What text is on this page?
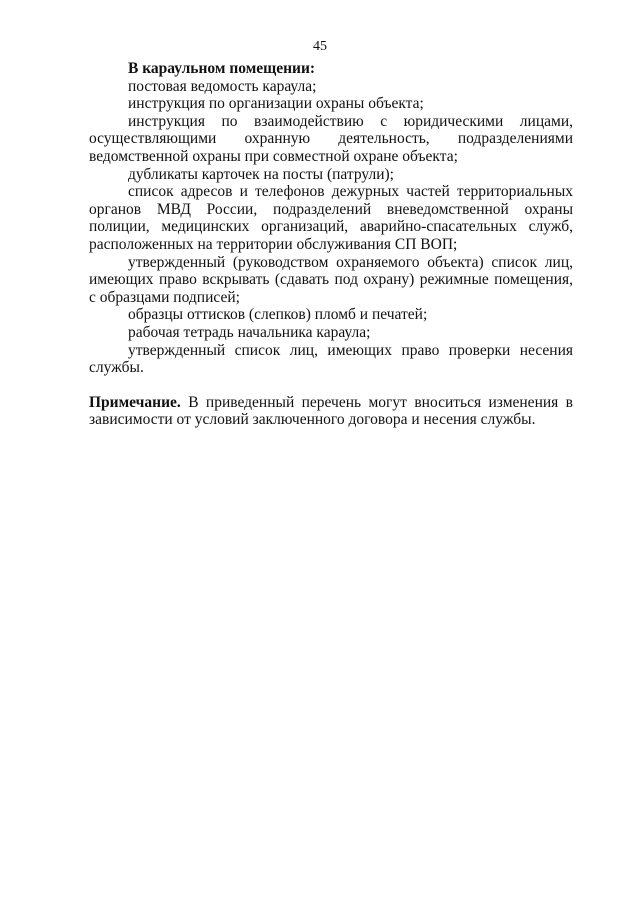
45
В караульном помещении:

постовая ведомость караула;

инструкция по организации охраны объекта;

инструкция по взаимодействию с юридическими лицами, осуществляющими охранную деятельность, подразделениями ведомственной охраны при совместной охране объекта;

дубликаты карточек на посты (патрули);

список адресов и телефонов дежурных частей территориальных органов МВД России, подразделений вневедомственной охраны полиции, медицинских организаций, аварийно-спасательных служб, расположенных на территории обслуживания СП ВОП;

утвержденный (руководством охраняемого объекта) список лиц, имеющих право вскрывать (сдавать под охрану) режимные помещения, с образцами подписей;

образцы оттисков (слепков) пломб и печатей;

рабочая тетрадь начальника караула;

утвержденный список лиц, имеющих право проверки несения службы.

Примечание. В приведенный перечень могут вноситься изменения в зависимости от условий заключенного договора и несения службы.
